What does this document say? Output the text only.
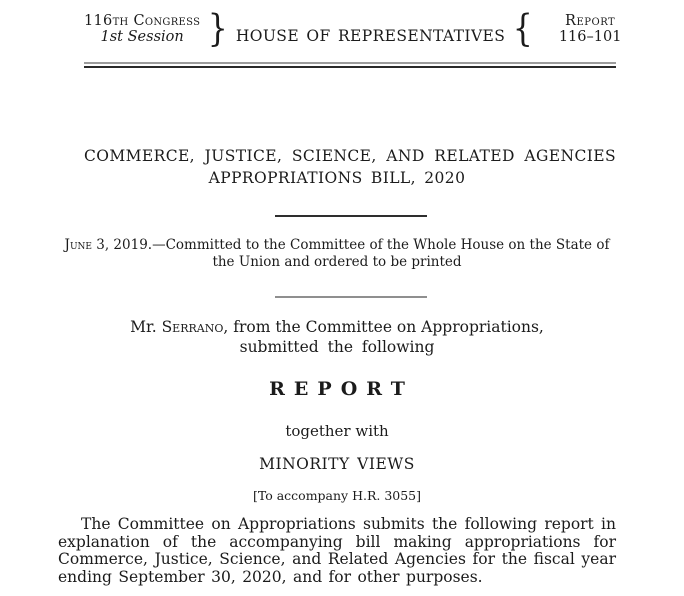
116th Congress
1st Session } HOUSE OF REPRESENTATIVES {	Report
116–101
COMMERCE, JUSTICE, SCIENCE, AND RELATED AGENCIES
APPROPRIATIONS BILL, 2020

June 3, 2019.—Committed to the Committee of the Whole House on the State of the Union and ordered to be printed

Mr. Serrano, from the Committee on Appropriations,

submitted the following

REPORT

together with

MINORITY VIEWS

[To accompany H.R. 3055]

The Committee on Appropriations submits the following report in explanation of the accompanying bill making appropriations for Commerce, Justice, Science, and Related Agencies for the fiscal year ending September 30, 2020, and for other purposes.
